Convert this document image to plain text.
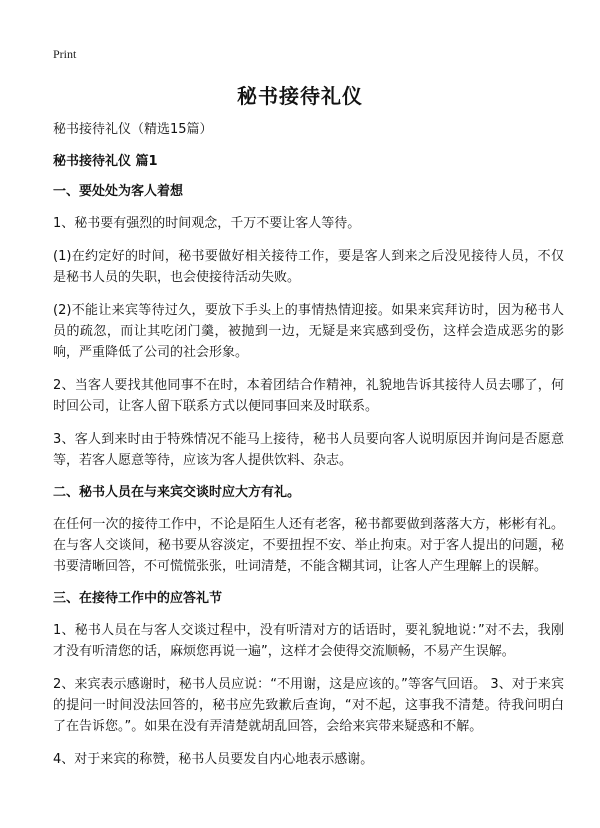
Print
秘书接待礼仪
秘书接待礼仪（精选15篇）
秘书接待礼仪 篇1
一、要处处为客人着想
1、秘书要有强烈的时间观念，千万不要让客人等待。
(1)在约定好的时间，秘书要做好相关接待工作，要是客人到来之后没见接待人员，不仅是秘书人员的失职，也会使接待活动失败。
(2)不能让来宾等待过久，要放下手头上的事情热情迎接。如果来宾拜访时，因为秘书人员的疏忽，而让其吃闭门羹，被抛到一边，无疑是来宾感到受伤，这样会造成恶劣的影响，严重降低了公司的社会形象。
2、当客人要找其他同事不在时，本着团结合作精神，礼貌地告诉其接待人员去哪了，何时回公司，让客人留下联系方式以便同事回来及时联系。
3、客人到来时由于特殊情况不能马上接待，秘书人员要向客人说明原因并询问是否愿意等，若客人愿意等待，应该为客人提供饮料、杂志。
二、秘书人员在与来宾交谈时应大方有礼。
在任何一次的接待工作中，不论是陌生人还有老客，秘书都要做到落落大方，彬彬有礼。在与客人交谈间，秘书要从容淡定，不要扭捏不安、举止拘束。对于客人提出的问题，秘书要清晰回答，不可慌慌张张，吐词清楚，不能含糊其词，让客人产生理解上的误解。
三、在接待工作中的应答礼节
1、秘书人员在与客人交谈过程中，没有听清对方的话语时，要礼貌地说：”对不去，我刚才没有听清您的话，麻烦您再说一遍”，这样才会使得交流顺畅，不易产生误解。
2、来宾表示感谢时，秘书人员应说：“不用谢，这是应该的。”等客气回语。 3、对于来宾的提问一时间没法回答的，秘书应先致歉后查询，“对不起，这事我不清楚。待我问明白了在告诉您。”。如果在没有弄清楚就胡乱回答，会给来宾带来疑惑和不解。
4、对于来宾的称赞，秘书人员要发自内心地表示感谢。
